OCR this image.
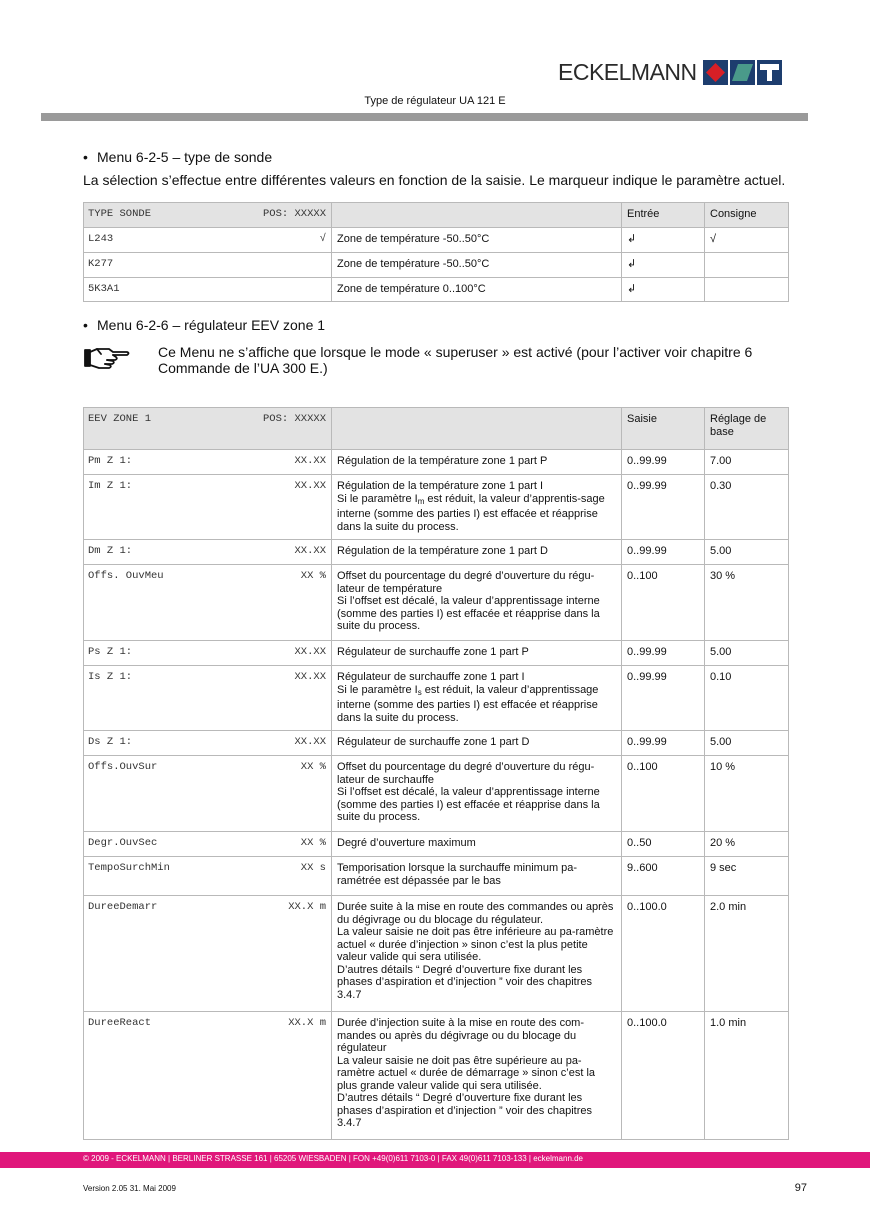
ECKELMANN
Type de régulateur UA 121 E
• Menu 6-2-5 – type de sonde
La sélection s’effectue entre différentes valeurs en fonction de la saisie. Le marqueur indique le paramètre actuel.
TYPE SONDE POS: XXXXX		Entrée	Consigne

L243 √	Zone de température -50..50°C	↲	√

K277	Zone de température -50..50°C	↲	

5K3A1	Zone de température 0..100°C	↲	
• Menu 6-2-6 – régulateur EEV zone 1
Ce Menu ne s’affiche que lorsque le mode « superuser » est activé (pour l’activer voir chapitre 6 Commande de l’UA 300 E.)
EEV ZONE 1 POS: XXXXX		Saisie	Réglage de base

Pm Z 1: XX.XX	Régulation de la température zone 1 part P	0..99.99	7.00

Im Z 1: XX.XX	Régulation de la température zone 1 part I
Si le paramètre $I_m$ est réduit, la valeur d’apprentis-sage interne (somme des parties I) est effacée et réapprise dans la suite du process.	0..99.99	0.30

Dm Z 1: XX.XX	Régulation de la température zone 1 part D	0..99.99	5.00

Offs. OuvMeu XX %	Offset du pourcentage du degré d’ouverture du régu-lateur de température
Si l’offset est décalé, la valeur d’apprentissage interne (somme des parties I) est effacée et réapprise dans la suite du process.	0..100	30 %

Ps Z 1: XX.XX	Régulateur de surchauffe zone 1 part P	0..99.99	5.00

Is Z 1: XX.XX	Régulateur de surchauffe zone 1 part I
Si le paramètre $I_s$ est réduit, la valeur d’apprentissage interne (somme des parties I) est effacée et réapprise dans la suite du process.	0..99.99	0.10

Ds Z 1: XX.XX	Régulateur de surchauffe zone 1 part D	0..99.99	5.00

Offs.OuvSur XX %	Offset du pourcentage du degré d’ouverture du régu-lateur de surchauffe
Si l’offset est décalé, la valeur d’apprentissage interne (somme des parties I) est effacée et réapprise dans la suite du process.	0..100	10 %

Degr.OuvSec XX %	Degré d’ouverture maximum	0..50	20 %

TempoSurchMin XX s	Temporisation lorsque la surchauffe minimum pa-ramétrée est dépassée par le bas	9..600	9 sec

DureeDemarr XX.X m	Durée suite à la mise en route des commandes ou après du dégivrage ou du blocage du régulateur.
La valeur saisie ne doit pas être inférieure au pa-ramètre actuel « durée d’injection » sinon c’est la plus petite valeur valide qui sera utilisée.
D’autres détails “ Degré d’ouverture fixe durant les phases d’aspiration et d’injection ” voir des chapitres 3.4.7	0..100.0	2.0 min

DureeReact XX.X m	Durée d’injection suite à la mise en route des com-mandes ou après du dégivrage ou du blocage du régulateur
La valeur saisie ne doit pas être supérieure au pa-ramètre actuel « durée de démarrage » sinon c’est la plus grande valeur valide qui sera utilisée.
D’autres détails “ Degré d’ouverture fixe durant les phases d’aspiration et d’injection ” voir des chapitres 3.4.7	0..100.0	1.0 min
© 2009 - ECKELMANN | BERLINER STRASSE 161 | 65205 WIESBADEN | FON +49(0)611 7103-0 | FAX 49(0)611 7103-133 | eckelmann.de
Version 2.05 31. Mai 2009	97
